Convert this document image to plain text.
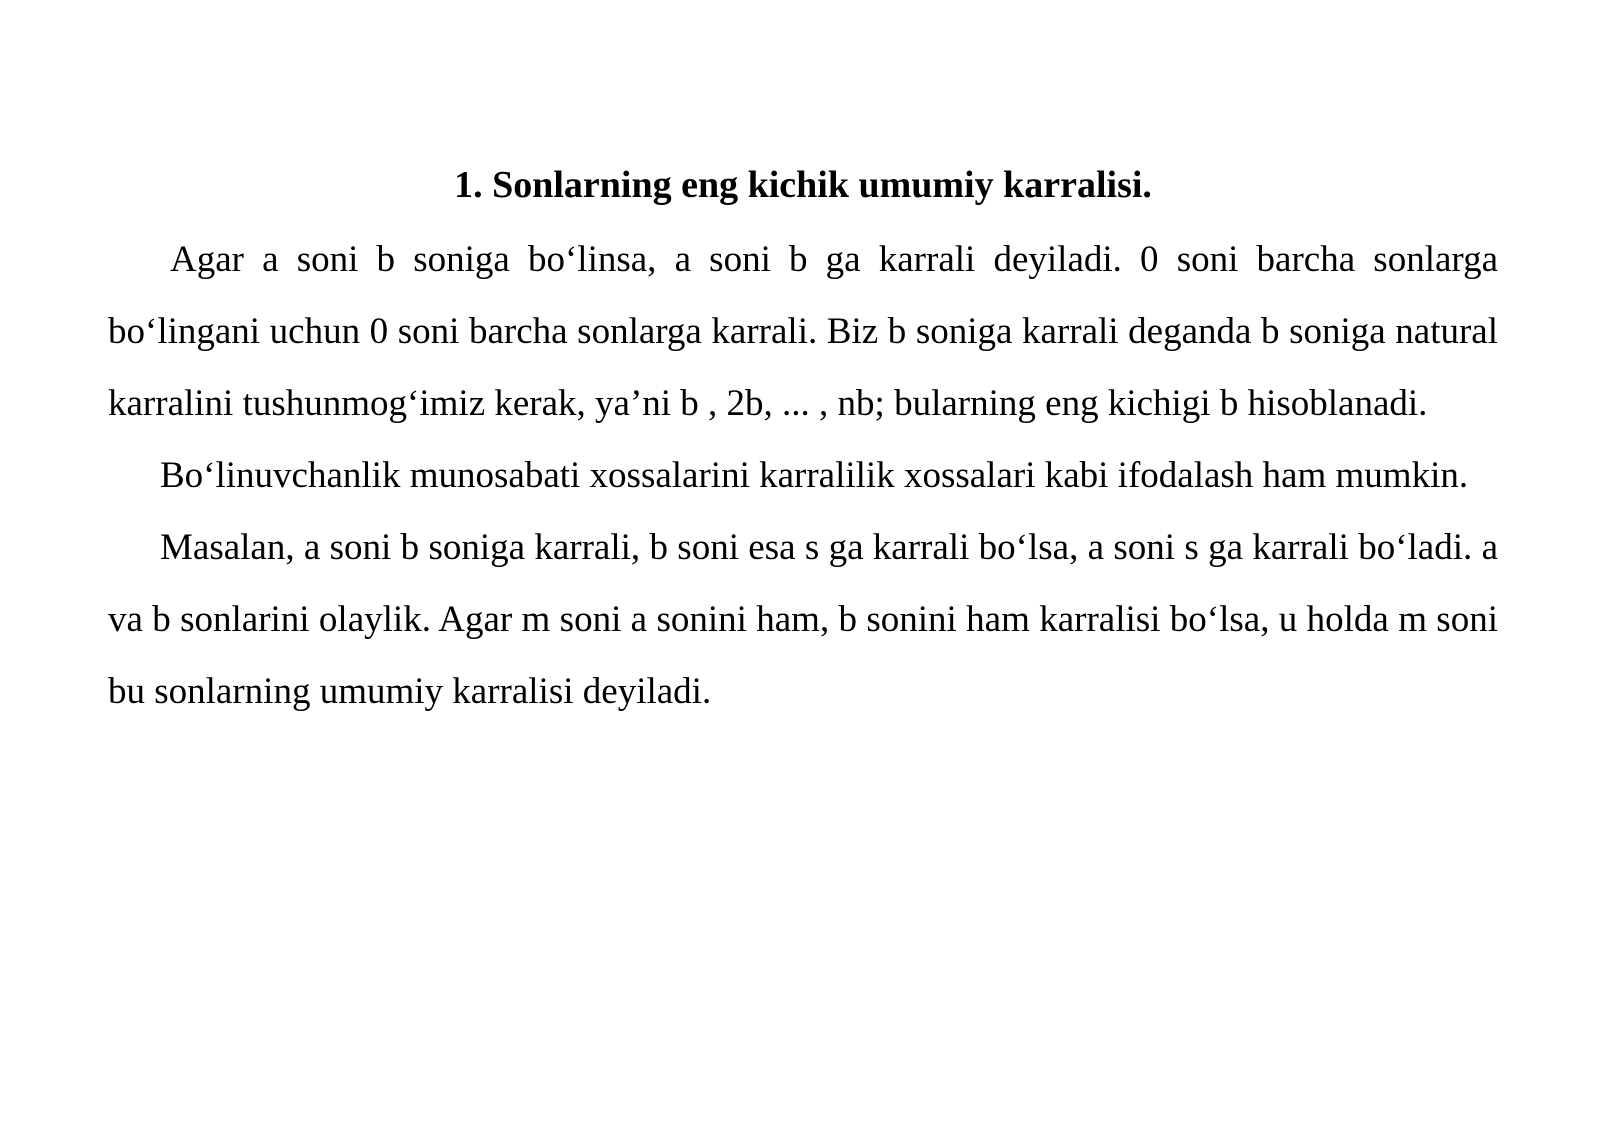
1. Sonlarning eng kichik umumiy karralisi.

Agar a soni b soniga bo‘linsa, a soni b ga karrali deyiladi. 0 soni barcha sonlarga bo‘lingani uchun 0 soni barcha sonlarga karrali. Biz b soniga karrali deganda b soniga natural karralini tushunmog‘imiz kerak, ya’ni b , 2b, ... , nb; bularning eng kichigi b hisoblanadi.

Bo‘linuvchanlik munosabati xossalarini karralilik xossalari kabi ifodalash ham mumkin.

Masalan, a soni b soniga karrali, b soni esa s ga karrali bo‘lsa, a soni s ga karrali bo‘ladi. a va b sonlarini olaylik. Agar m soni a sonini ham, b sonini ham karralisi bo‘lsa, u holda m soni bu sonlarning umumiy karralisi deyiladi.
